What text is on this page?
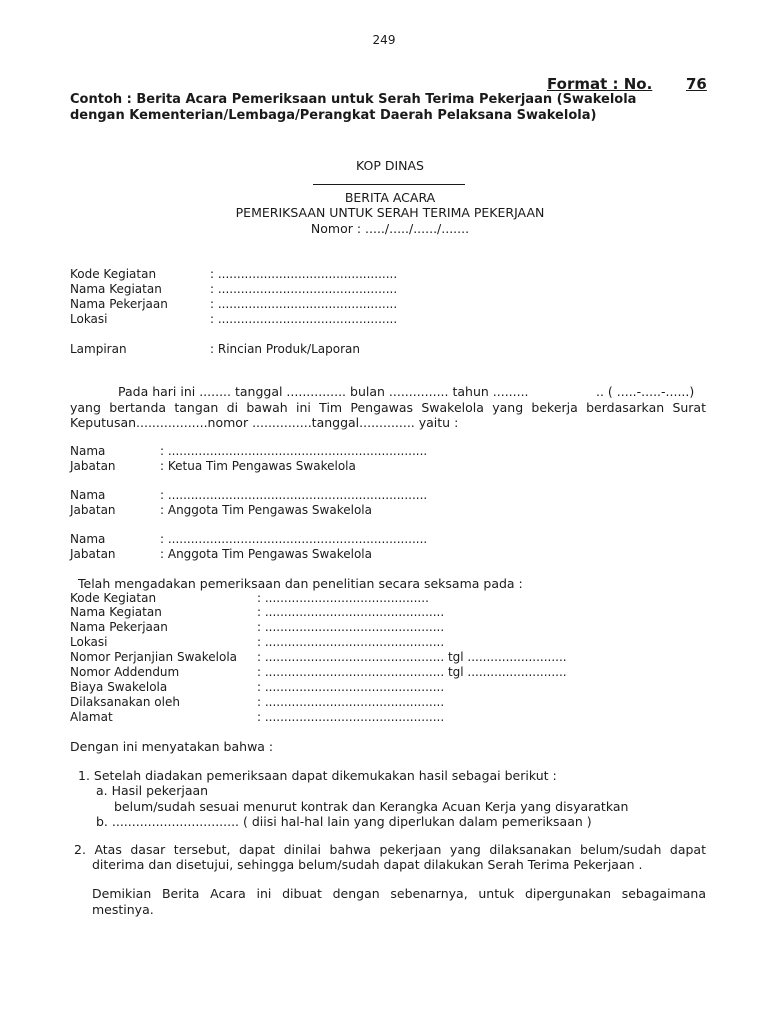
249
Format : No. 76
Contoh : Berita Acara Pemeriksaan untuk Serah Terima Pekerjaan (Swakelola
dengan Kementerian/Lembaga/Perangkat Daerah Pelaksana Swakelola)
KOP DINAS
BERITA ACARA
PEMERIKSAAN UNTUK SERAH TERIMA PEKERJAAN
Nomor : ...../...../....../.......
Kode Kegiatan	: ...............................................
Nama Kegiatan	: ...............................................
Nama Pekerjaan	: ...............................................
Lokasi	: ...............................................
Lampiran	: Rincian Produk/Laporan
Pada hari ini ........ tanggal ............... bulan ............... tahun .........	.. ( .....-.....-......)
yang bertanda tangan di bawah ini Tim Pengawas Swakelola yang bekerja berdasarkan Surat
Keputusan..................nomor ...............tanggal.............. yaitu :
Nama	: ....................................................................
Jabatan	: Ketua Tim Pengawas Swakelola
Nama	: ....................................................................
Jabatan	: Anggota Tim Pengawas Swakelola
Nama	: ....................................................................
Jabatan	: Anggota Tim Pengawas Swakelola
Telah mengadakan pemeriksaan dan penelitian secara seksama pada :
Kode Kegiatan	: ...........................................
Nama Kegiatan	: ...............................................
Nama Pekerjaan	: ...............................................
Lokasi	: ...............................................
Nomor Perjanjian Swakelola : ............................................... tgl ..........................
Nomor Addendum	: ............................................... tgl ..........................
Biaya Swakelola	: ...............................................
Dilaksanakan oleh	: ...............................................
Alamat	: ...............................................
Dengan ini menyatakan bahwa :
1. Setelah diadakan pemeriksaan dapat dikemukakan hasil sebagai berikut :
a. Hasil pekerjaan
belum/sudah sesuai menurut kontrak dan Kerangka Acuan Kerja yang disyaratkan
b. ................................ ( diisi hal-hal lain yang diperlukan dalam pemeriksaan )
2. Atas dasar tersebut, dapat dinilai bahwa pekerjaan yang dilaksanakan belum/sudah dapat
diterima dan disetujui, sehingga belum/sudah dapat dilakukan Serah Terima Pekerjaan .
Demikian Berita Acara ini dibuat dengan sebenarnya, untuk dipergunakan sebagaimana
mestinya.
